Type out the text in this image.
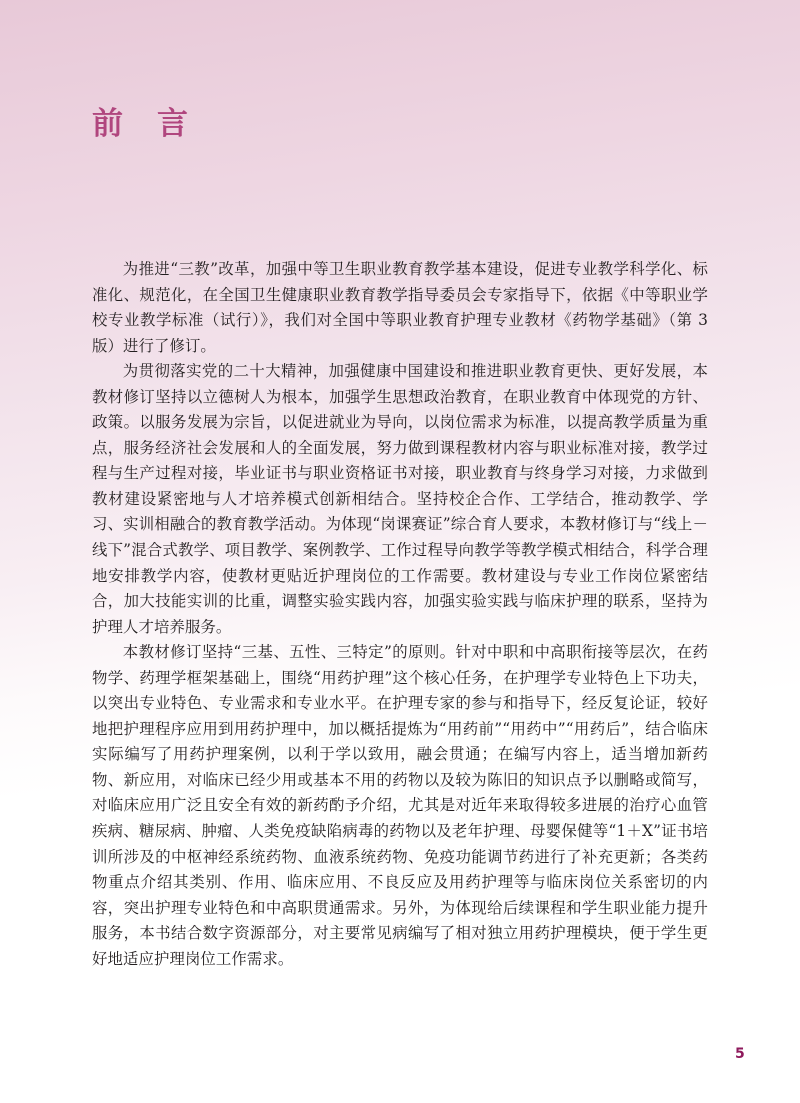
前言

为推进“三教”改革，加强中等卫生职业教育教学基本建设，促进专业教学科学化、标准化、规范化，在全国卫生健康职业教育教学指导委员会专家指导下，依据《中等职业学校专业教学标准（试行）》，我们对全国中等职业教育护理专业教材《药物学基础》（第 3 版）进行了修订。

为贯彻落实党的二十大精神，加强健康中国建设和推进职业教育更快、更好发展，本教材修订坚持以立德树人为根本，加强学生思想政治教育，在职业教育中体现党的方针、政策。以服务发展为宗旨，以促进就业为导向，以岗位需求为标准，以提高教学质量为重点，服务经济社会发展和人的全面发展，努力做到课程教材内容与职业标准对接，教学过程与生产过程对接，毕业证书与职业资格证书对接，职业教育与终身学习对接，力求做到教材建设紧密地与人才培养模式创新相结合。坚持校企合作、工学结合，推动教学、学习、实训相融合的教育教学活动。为体现“岗课赛证”综合育人要求，本教材修订与“线上－线下”混合式教学、项目教学、案例教学、工作过程导向教学等教学模式相结合，科学合理地安排教学内容，使教材更贴近护理岗位的工作需要。教材建设与专业工作岗位紧密结合，加大技能实训的比重，调整实验实践内容，加强实验实践与临床护理的联系，坚持为护理人才培养服务。

本教材修订坚持“三基、五性、三特定”的原则。针对中职和中高职衔接等层次，在药物学、药理学框架基础上，围绕“用药护理”这个核心任务，在护理学专业特色上下功夫，以突出专业特色、专业需求和专业水平。在护理专家的参与和指导下，经反复论证，较好地把护理程序应用到用药护理中，加以概括提炼为“用药前”“用药中”“用药后”，结合临床实际编写了用药护理案例，以利于学以致用，融会贯通；在编写内容上，适当增加新药物、新应用，对临床已经少用或基本不用的药物以及较为陈旧的知识点予以删略或简写，对临床应用广泛且安全有效的新药酌予介绍，尤其是对近年来取得较多进展的治疗心血管疾病、糖尿病、肿瘤、人类免疫缺陷病毒的药物以及老年护理、母婴保健等“1＋X”证书培训所涉及的中枢神经系统药物、血液系统药物、免疫功能调节药进行了补充更新；各类药物重点介绍其类别、作用、临床应用、不良反应及用药护理等与临床岗位关系密切的内容，突出护理专业特色和中高职贯通需求。另外，为体现给后续课程和学生职业能力提升服务，本书结合数字资源部分，对主要常见病编写了相对独立用药护理模块，便于学生更好地适应护理岗位工作需求。

5
